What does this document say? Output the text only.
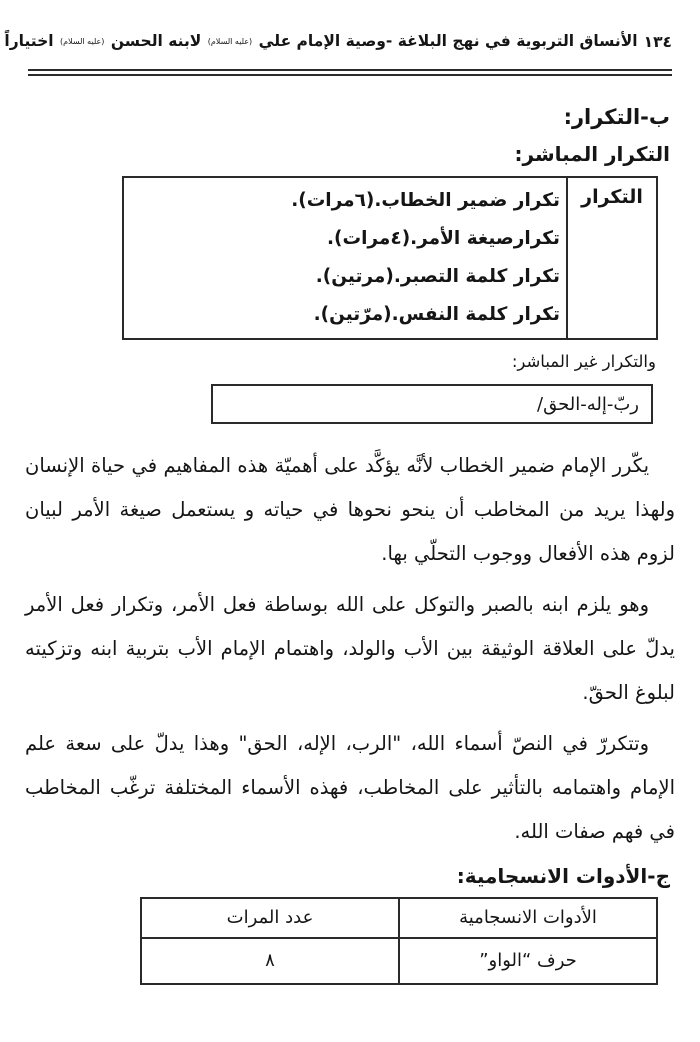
١٣٤
الأنساق التربوية في نهج البلاغة -وصية الإمام علي (عليه السلام) لابنه الحسن (عليه السلام) اختياراً
ب-التكرار:
التكرار المباشر:
التكرار
تكرار ضمير الخطاب.(٦مرات).
تكرارصيغة الأمر.(٤مرات).
تكرار كلمة التصبر.(مرتين).
تكرار كلمة النفس.(مرّتين).
والتكرار غير المباشر:
ربّ-إله-الحق/

يكّرر الإمام ضمير الخطاب لأنَّه يؤكَّد على أهميّة هذه المفاهيم في حياة الإنسان ولهذا يريد من المخاطب أن ينحو نحوها في حياته و يستعمل صيغة الأمر لبيان لزوم هذه الأفعال ووجوب التحلّي بها.

وهو يلزم ابنه بالصبر والتوكل على الله بوساطة فعل الأمر، وتكرار فعل الأمر يدلّ على العلاقة الوثيقة بين الأب والولد، واهتمام الإمام الأب بتربية ابنه وتزكيته لبلوغ الحقّ.

وتتكررّ في النصّ أسماء الله، "الرب، الإله، الحق" وهذا يدلّ على سعة علم الإمام واهتمامه بالتأثير على المخاطب، فهذه الأسماء المختلفة ترغّب المخاطب في فهم صفات الله.

ج-الأدوات الانسجامية:
الأدوات الانسجامية
عدد المرات
حرف “الواو”
٨
